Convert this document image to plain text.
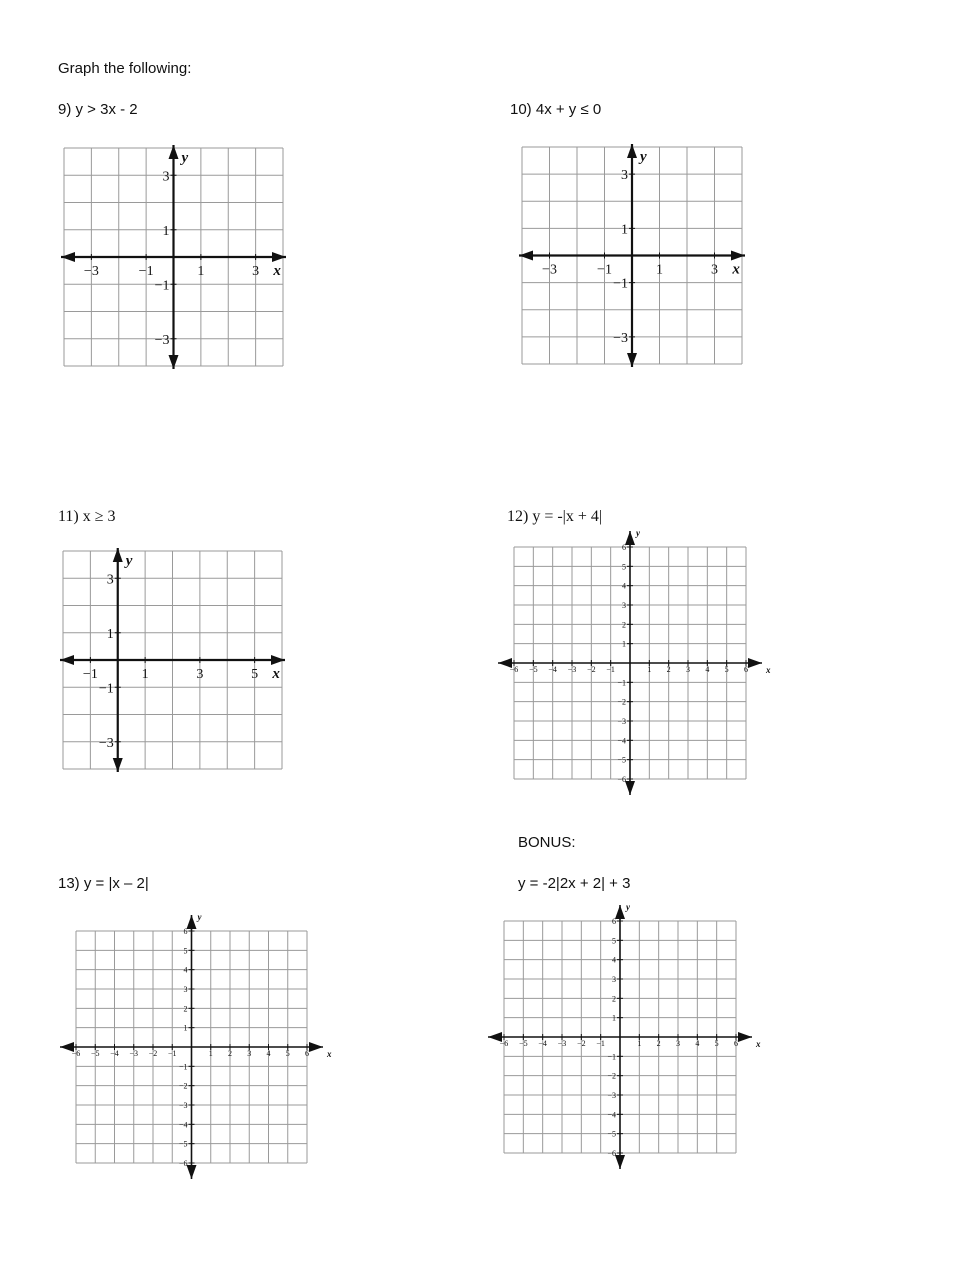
Graph the following:
9) y > 3x - 2	10) 4x + y ≤ 0
11) x ≥ 3	12) y = -|x + 4|
13) y = |x – 2|
BONUS:
y = -2|2x + 2| + 3
−3	−1	1	3
3
1
−1
−3
x
y
−3	−1	1	3
3
1
−1
−3
x
y
−1	1	3	5
3
1
−1
−3
x
y
−6 −5 −4 −3 −2 −1	1 2 3 4 5 6
6
5
4
3
2
1
−1
−2
−3
−4
−5
−6
x
y
−6 −5 −4 −3 −2 −1	1 2 3 4 5 6
6
5
4
3
2
1
−1
−2
−3
−4
−5
−6
x
y
−6 −5 −4 −3 −2 −1	1 2 3 4 5 6
6
5
4
3
2
1
−1
−2
−3
−4
−5
−6
x
y
